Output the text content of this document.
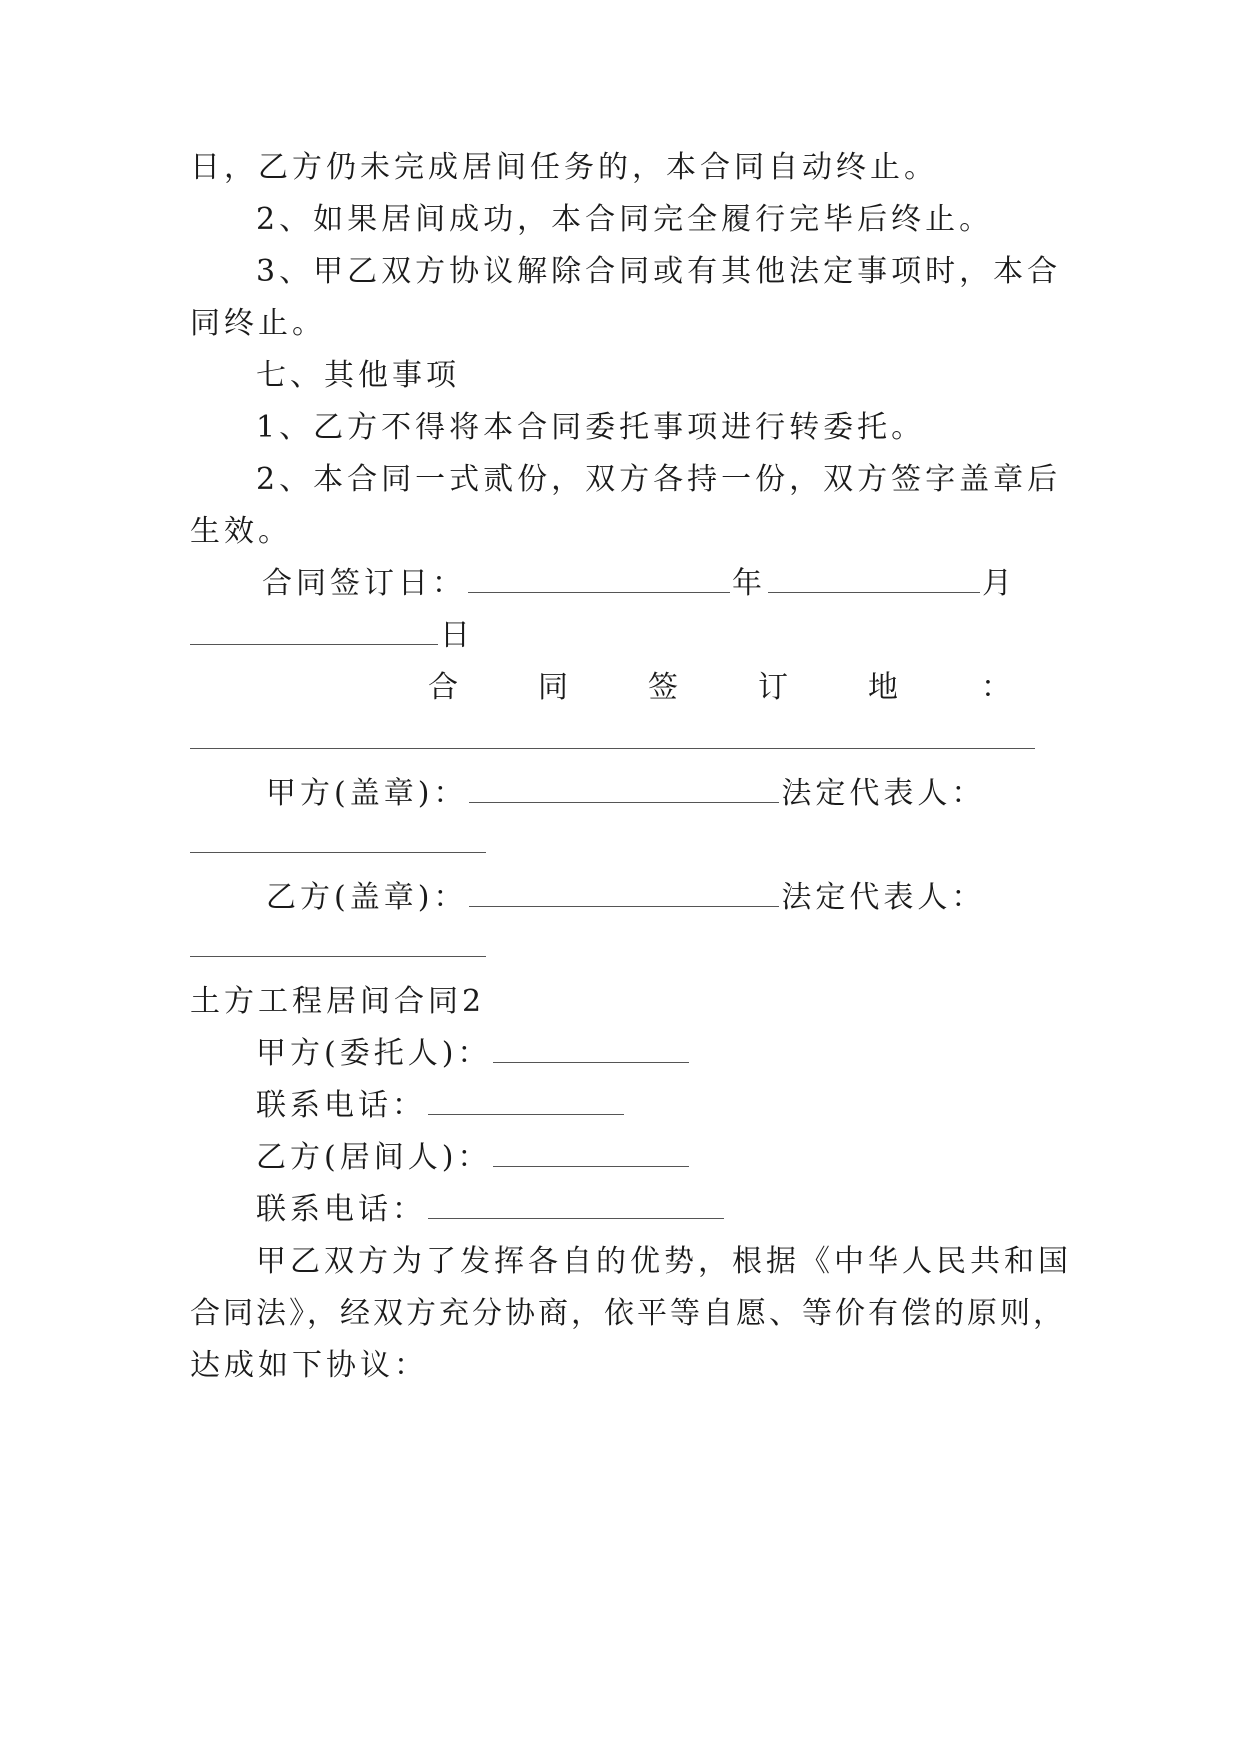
日，乙方仍未完成居间任务的，本合同自动终止。
2、如果居间成功，本合同完全履行完毕后终止。
3、甲乙双方协议解除合同或有其他法定事项时，本合
同终止。
七、其他事项
1、乙方不得将本合同委托事项进行转委托。
2、本合同一式贰份，双方各持一份，双方签字盖章后
生效。
合同签订日：	年	月
日
合	同	签	订	地	：
甲方(盖章)：	法定代表人：
乙方(盖章)：	法定代表人：
土方工程居间合同2
甲方(委托人)：
联系电话：
乙方(居间人)：
联系电话：
甲乙双方为了发挥各自的优势，根据《中华人民共和国
合同法》，经双方充分协商，依平等自愿、等价有偿的原则，
达成如下协议：
